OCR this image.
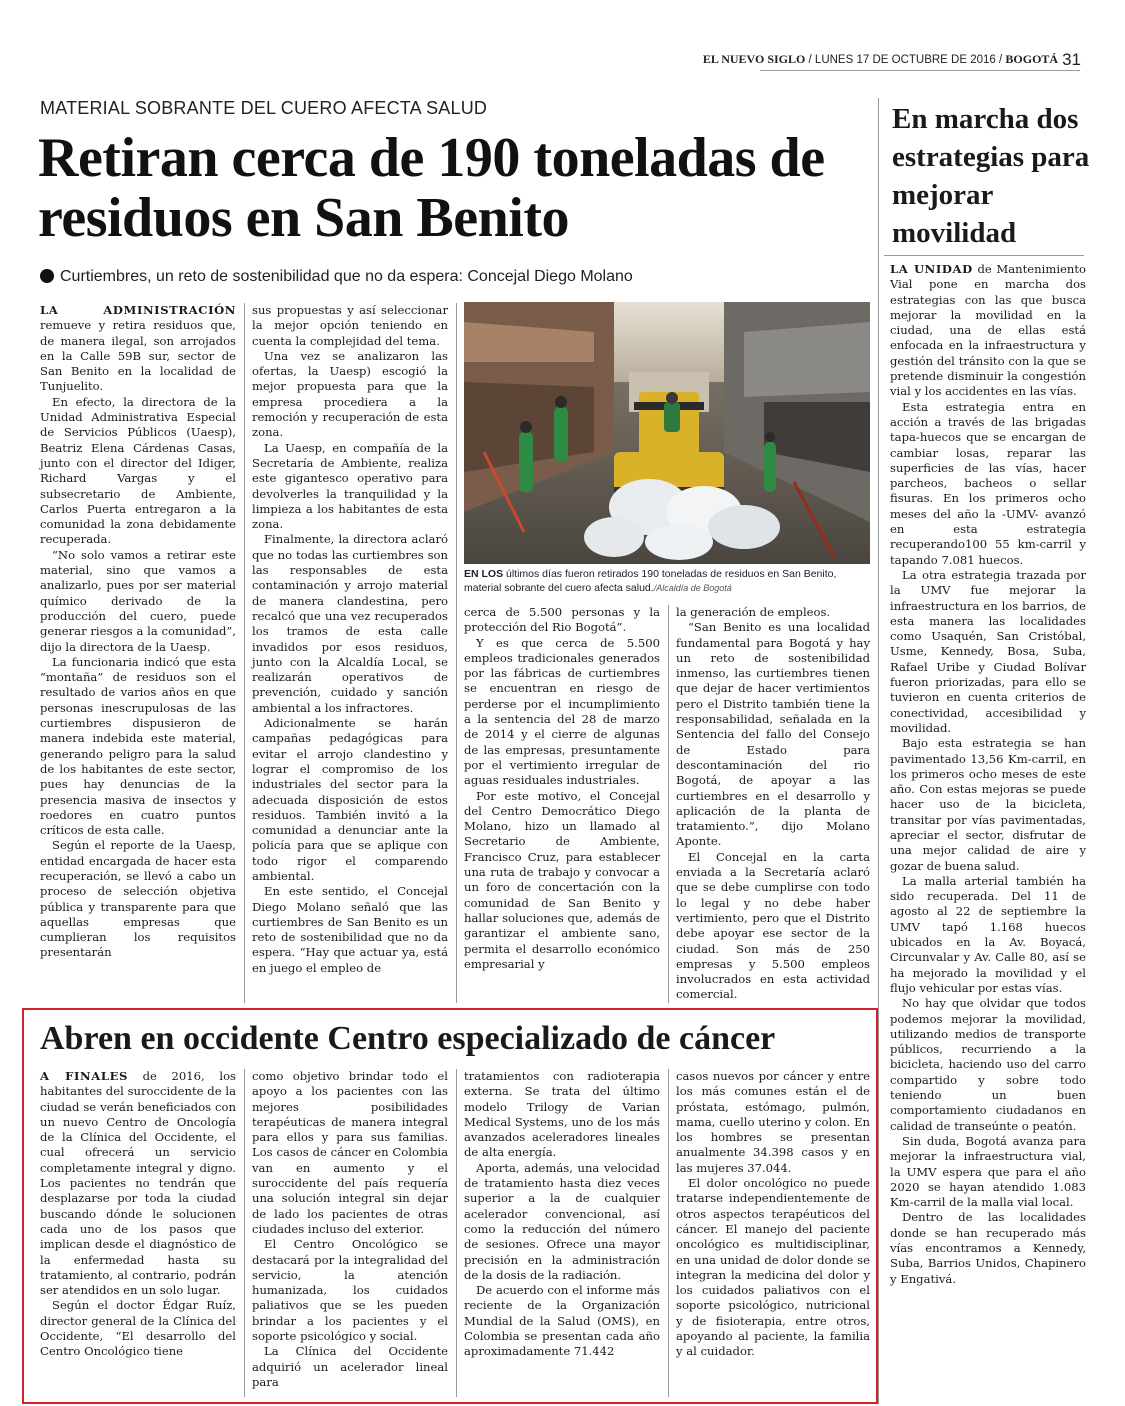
EL NUEVO SIGLO / LUNES 17 DE OCTUBRE DE 2016 / BOGOTÁ 31
MATERIAL SOBRANTE DEL CUERO AFECTA SALUD
Retiran cerca de 190 toneladas de residuos en San Benito
Curtiembres, un reto de sostenibilidad que no da espera: Concejal Diego Molano

LA ADMINISTRACIÓN remueve y retira residuos que, de manera ilegal, son arrojados en la Calle 59B sur, sector de San Benito en la localidad de Tunjuelito.

En efecto, la directora de la Unidad Administrativa Especial de Servicios Públicos (Uaesp), Beatriz Elena Cárdenas Casas, junto con el director del Idiger, Richard Vargas y el subsecretario de Ambiente, Carlos Puerta entregaron a la comunidad la zona debidamente recuperada.

“No solo vamos a retirar este material, sino que vamos a analizarlo, pues por ser material químico derivado de la producción del cuero, puede generar riesgos a la comunidad”, dijo la directora de la Uaesp.

La funcionaria indicó que esta “montaña” de residuos son el resultado de varios años en que personas inescrupulosas de las curtiembres dispusieron de manera indebida este material, generando peligro para la salud de los habitantes de este sector, pues hay denuncias de la presencia masiva de insectos y roedores en cuatro puntos críticos de esta calle.

Según el reporte de la Uaesp, entidad encargada de hacer esta recuperación, se llevó a cabo un proceso de selección objetiva pública y transparente para que aquellas empresas que cumplieran los requisitos presentarán

sus propuestas y así seleccionar la mejor opción teniendo en cuenta la complejidad del tema.

Una vez se analizaron las ofertas, la Uaesp) escogió la mejor propuesta para que la empresa procediera a la remoción y recuperación de esta zona.

La Uaesp, en compañía de la Secretaría de Ambiente, realiza este gigantesco operativo para devolverles la tranquilidad y la limpieza a los habitantes de esta zona.

Finalmente, la directora aclaró que no todas las curtiembres son las responsables de esta contaminación y arrojo material de manera clandestina, pero recalcó que una vez recuperados los tramos de esta calle invadidos por esos residuos, junto con la Alcaldía Local, se realizarán operativos de prevención, cuidado y sanción ambiental a los infractores.

Adicionalmente se harán campañas pedagógicas para evitar el arrojo clandestino y lograr el compromiso de los industriales del sector para la adecuada disposición de estos residuos. También invitó a la comunidad a denunciar ante la policía para que se aplique con todo rigor el comparendo ambiental.

En este sentido, el Concejal Diego Molano señaló que las curtiembres de San Benito es un reto de sostenibilidad que no da espera. “Hay que actuar ya, está en juego el empleo de

EN LOS últimos días fueron retirados 190 toneladas de residuos en San Benito, material sobrante del cuero afecta salud./Alcaldía de Bogotá

cerca de 5.500 personas y la protección del Rio Bogotá”.

Y es que cerca de 5.500 empleos tradicionales generados por las fábricas de curtiembres se encuentran en riesgo de perderse por el incumplimiento a la sentencia del 28 de marzo de 2014 y el cierre de algunas de las empresas, presuntamente por el vertimiento irregular de aguas residuales industriales.

Por este motivo, el Concejal del Centro Democrático Diego Molano, hizo un llamado al Secretario de Ambiente, Francisco Cruz, para establecer una ruta de trabajo y convocar a un foro de concertación con la comunidad de San Benito y hallar soluciones que, además de garantizar el ambiente sano, permita el desarrollo económico empresarial y

la generación de empleos.

“San Benito es una localidad fundamental para Bogotá y hay un reto de sostenibilidad inmenso, las curtiembres tienen que dejar de hacer vertimientos pero el Distrito también tiene la responsabilidad, señalada en la Sentencia del fallo del Consejo de Estado para descontaminación del rio Bogotá, de apoyar a las curtiembres en el desarrollo y aplicación de la planta de tratamiento.”, dijo Molano Aponte.

El Concejal en la carta enviada a la Secretaría aclaró que se debe cumplirse con todo lo legal y no debe haber vertimiento, pero que el Distrito debe apoyar ese sector de la ciudad. Son más de 250 empresas y 5.500 empleos involucrados en esta actividad comercial.

En marcha dos estrategias para mejorar movilidad

LA UNIDAD de Mantenimiento Vial pone en marcha dos estrategias con las que busca mejorar la movilidad en la ciudad, una de ellas está enfocada en la infraestructura y gestión del tránsito con la que se pretende disminuir la congestión vial y los accidentes en las vías.

Esta estrategia entra en acción a través de las brigadas tapa-huecos que se encargan de cambiar losas, reparar las superficies de las vías, hacer parcheos, bacheos o sellar fisuras. En los primeros ocho meses del año la -UMV- avanzó en esta estrategia recuperando100 55 km-carril y tapando 7.081 huecos.

La otra estrategia trazada por la UMV fue mejorar la infraestructura en los barrios, de esta manera las localidades como Usaquén, San Cristóbal, Usme, Kennedy, Bosa, Suba, Rafael Uribe y Ciudad Bolívar fueron priorizadas, para ello se tuvieron en cuenta criterios de conectividad, accesibilidad y movilidad.

Bajo esta estrategia se han pavimentado 13,56 Km-carril, en los primeros ocho meses de este año. Con estas mejoras se puede hacer uso de la bicicleta, transitar por vías pavimentadas, apreciar el sector, disfrutar de una mejor calidad de aire y gozar de buena salud.

La malla arterial también ha sido recuperada. Del 11 de agosto al 22 de septiembre la UMV tapó 1.168 huecos ubicados en la Av. Boyacá, Circunvalar y Av. Calle 80, así se ha mejorado la movilidad y el flujo vehicular por estas vías.

No hay que olvidar que todos podemos mejorar la movilidad, utilizando medios de transporte públicos, recurriendo a la bicicleta, haciendo uso del carro compartido y sobre todo teniendo un buen comportamiento ciudadanos en calidad de transeúnte o peatón.

Sin duda, Bogotá avanza para mejorar la infraestructura vial, la UMV espera que para el año 2020 se hayan atendido 1.083 Km-carril de la malla vial local.

Dentro de las localidades donde se han recuperado más vías encontramos a Kennedy, Suba, Barrios Unidos, Chapinero y Engativá.

Abren en occidente Centro especializado de cáncer

A FINALES de 2016, los habitantes del suroccidente de la ciudad se verán beneficiados con un nuevo Centro de Oncología de la Clínica del Occidente, el cual ofrecerá un servicio completamente integral y digno. Los pacientes no tendrán que desplazarse por toda la ciudad buscando dónde le solucionen cada uno de los pasos que implican desde el diagnóstico de la enfermedad hasta su tratamiento, al contrario, podrán ser atendidos en un solo lugar.

Según el doctor Édgar Ruíz, director general de la Clínica del Occidente, “El desarrollo del Centro Oncológico tiene

como objetivo brindar todo el apoyo a los pacientes con las mejores posibilidades terapéuticas de manera integral para ellos y para sus familias. Los casos de cáncer en Colombia van en aumento y el suroccidente del país requería una solución integral sin dejar de lado los pacientes de otras ciudades incluso del exterior.

El Centro Oncológico se destacará por la integralidad del servicio, la atención humanizada, los cuidados paliativos que se les pueden brindar a los pacientes y el soporte psicológico y social.

La Clínica del Occidente adquirió un acelerador lineal para

tratamientos con radioterapia externa. Se trata del último modelo Trilogy de Varian Medical Systems, uno de los más avanzados aceleradores lineales de alta energía.

Aporta, además, una velocidad de tratamiento hasta diez veces superior a la de cualquier acelerador convencional, así como la reducción del número de sesiones. Ofrece una mayor precisión en la administración de la dosis de la radiación.

De acuerdo con el informe más reciente de la Organización Mundial de la Salud (OMS), en Colombia se presentan cada año aproximadamente 71.442

casos nuevos por cáncer y entre los más comunes están el de próstata, estómago, pulmón, mama, cuello uterino y colon. En los hombres se presentan anualmente 34.398 casos y en las mujeres 37.044.

El dolor oncológico no puede tratarse independientemente de otros aspectos terapéuticos del cáncer. El manejo del paciente oncológico es multidisciplinar, en una unidad de dolor donde se integran la medicina del dolor y los cuidados paliativos con el soporte psicológico, nutricional y de fisioterapia, entre otros, apoyando al paciente, la familia y al cuidador.
